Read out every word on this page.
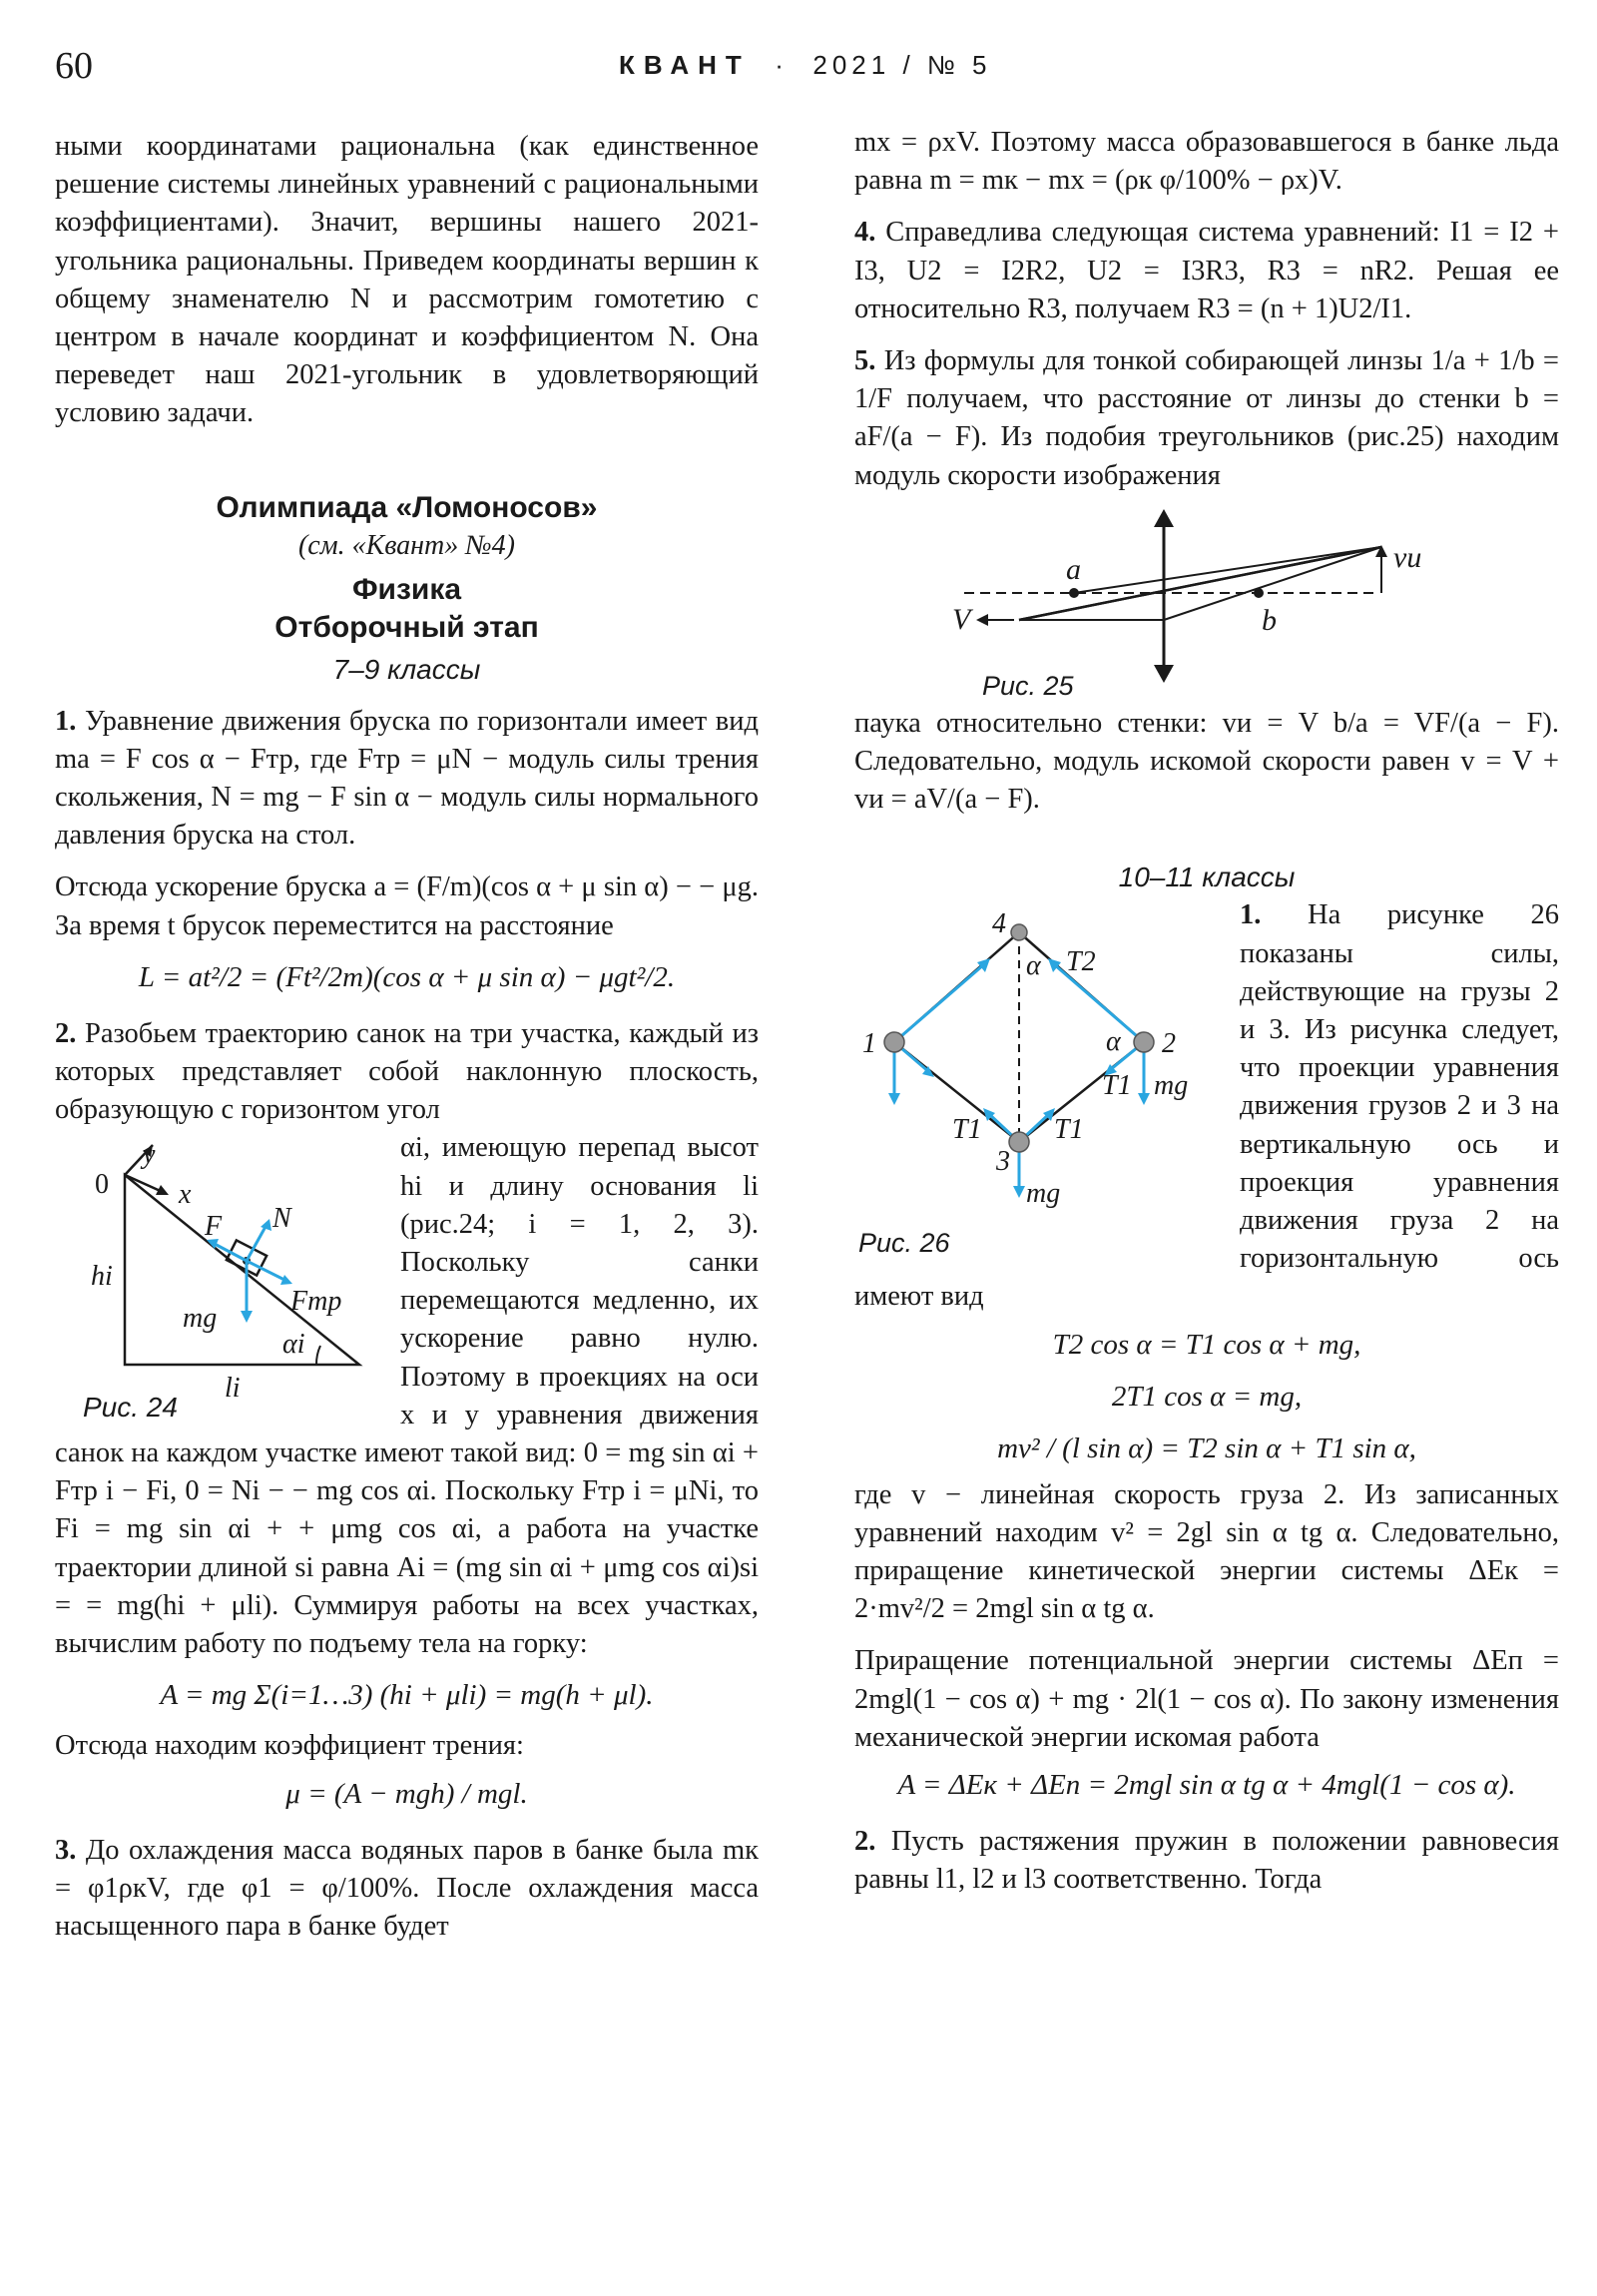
60	КВАНТ · 2021 / № 5

ными координатами рациональна (как единственное решение системы линейных уравнений с рациональными коэффициентами). Значит, вершины нашего 2021-угольника рациональны. Приведем координаты вершин к общему знаменателю N и рассмотрим гомотетию с центром в начале координат и коэффициентом N. Она переведет наш 2021-угольник в удовлетворяющий условию задачи.

Олимпиада «Ломоносов»
(см. «Квант» №4)
Физика
Отборочный этап
7–9 классы

1. Уравнение движения бруска по горизонтали имеет вид ma = F cos α − Fтр, где Fтр = μN − модуль силы трения скольжения, N = mg − F sin α − модуль силы нормального давления бруска на стол.

Отсюда ускорение бруска a = (F/m)(cos α + μ sin α) − − μg. За время t брусок переместится на расстояние

L = at²/2 = (Ft²/2m)(cos α + μ sin α) − μgt²/2.

2. Разобьем траекторию санок на три участка, каждый из которых представляет собой наклонную плоскость, образующую с горизонтом угол

y
0	x
F N
hi
Fтр
mg
αi
li
Рис. 24

αi, имеющую перепад высот hi и длину основания li (рис.24; i = 1, 2, 3). Поскольку санки перемещаются медленно, их ускорение равно нулю. Поэтому в проекциях на оси x и y уравнения движения санок на каждом участке имеют такой вид: 0 = mg sin αi + Fтр i − Fi, 0 = Ni − − mg cos αi. Поскольку Fтр i = μNi, то Fi = mg sin αi + + μmg cos αi, а работа на участке траектории длиной si равна Ai = (mg sin αi + μmg cos αi)si = = mg(hi + μli). Суммируя работы на всех участках, вычислим работу по подъему тела на горку:

A = mg Σ(i=1…3) (hi + μli) = mg(h + μl).

Отсюда находим коэффициент трения:

μ = (A − mgh) / mgl.

3. До охлаждения масса водяных паров в банке была mк = φ1ρкV, где φ1 = φ/100%. После охлаждения масса насыщенного пара в банке будет

mх = ρхV. Поэтому масса образовавшегося в банке льда равна m = mк − mх = (ρк φ/100% − ρх)V.

4. Справедлива следующая система уравнений: I1 = I2 + I3, U2 = I2R2, U2 = I3R3, R3 = nR2. Решая ее относительно R3, получаем R3 = (n + 1)U2/I1.

5. Из формулы для тонкой собирающей линзы 1/a + 1/b = 1/F получаем, что расстояние от линзы до стенки b = aF/(a − F). Из подобия треугольников (рис.25) находим модуль скорости изображения

a
V	b
vи
Рис. 25

паука относительно стенки: vи = V b/a = VF/(a − F). Следовательно, модуль искомой скорости равен v = V + vи = aV/(a − F).

10–11 классы
4
α T2
1	α 2
T1 mg
T1	T1
3
mg
Рис. 26

1. На рисунке 26 показаны силы, действующие на грузы 2 и 3. Из рисунка следует, что проекции уравнения движения грузов 2 и 3 на вертикальную ось и проекция уравнения движения груза 2 на горизонтальную ось имеют вид

T2 cos α = T1 cos α + mg,
2T1 cos α = mg,
mv² / (l sin α) = T2 sin α + T1 sin α,

где v − линейная скорость груза 2. Из записанных уравнений находим v² = 2gl sin α tg α. Следовательно, приращение кинетической энергии системы ΔEк = 2·mv²/2 = 2mgl sin α tg α.

Приращение потенциальной энергии системы ΔEп = 2mgl(1 − cos α) + mg · 2l(1 − cos α). По закону изменения механической энергии искомая работа

A = ΔEк + ΔEп = 2mgl sin α tg α + 4mgl(1 − cos α).

2. Пусть растяжения пружин в положении равновесия равны l1, l2 и l3 соответственно. Тогда
